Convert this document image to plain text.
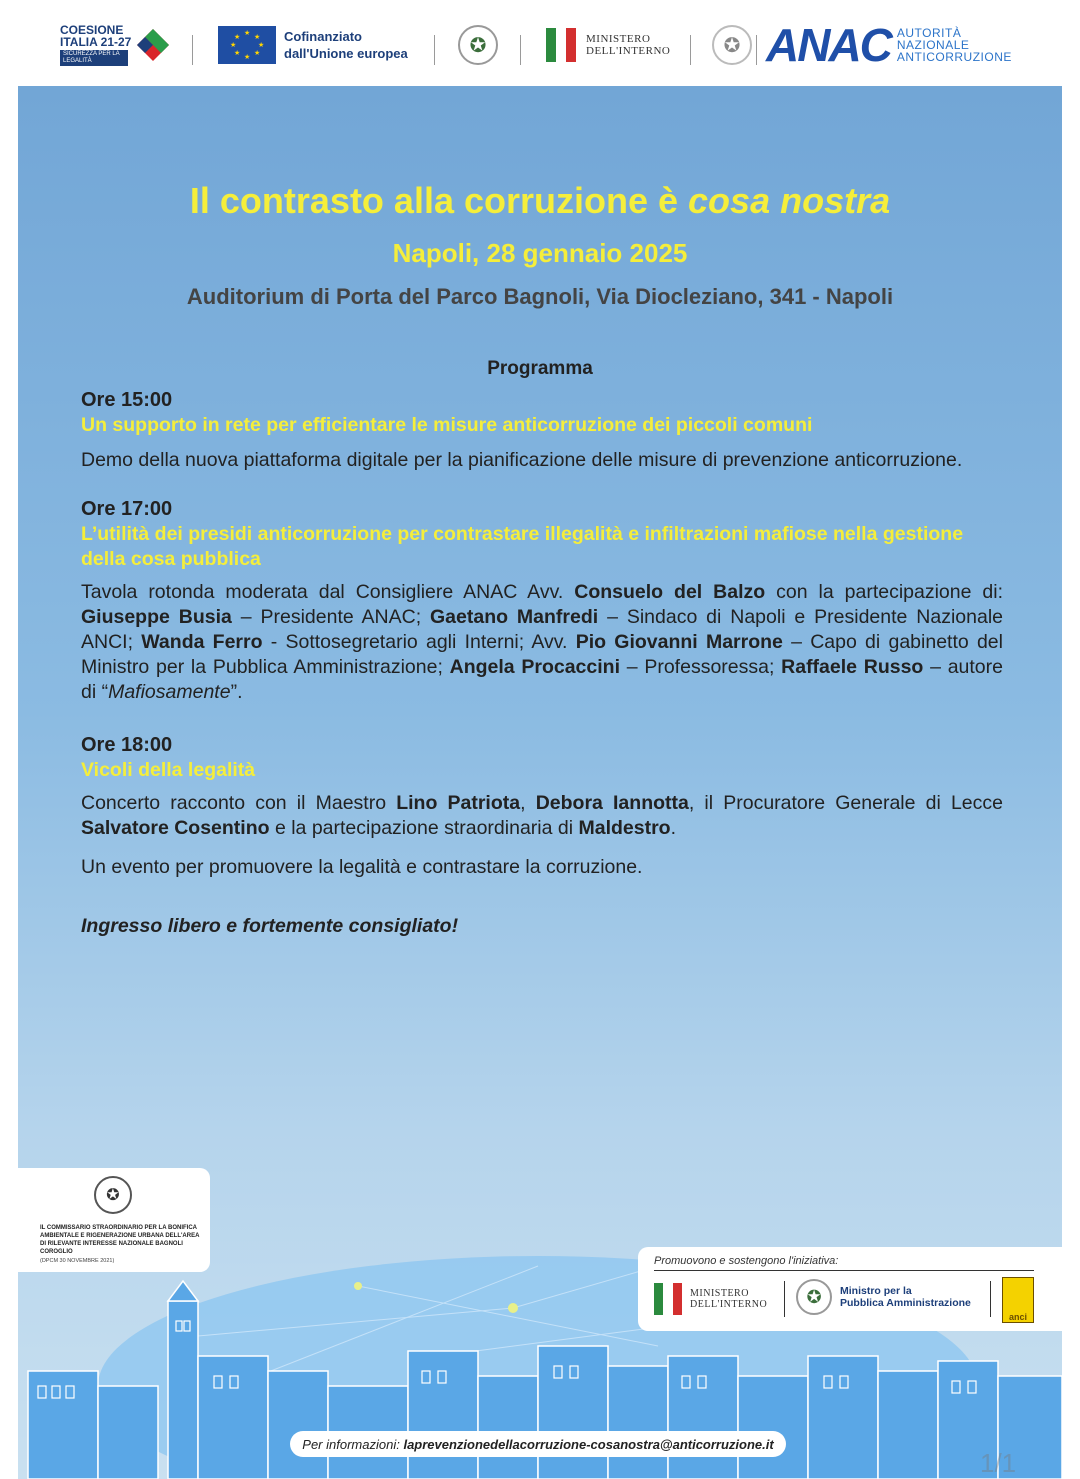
COESIONE
ITALIA 21-27
SICUREZZA PER LA LEGALITÀ
★
★
★
★
★
★
★
★	Cofinanziato
dall'Unione europea	✪	MINISTERO
DELL'INTERNO	✪ ANAC AUTORITÀ
NAZIONALE
ANTICORRUZIONE
Il contrasto alla corruzione è cosa nostra
Napoli, 28 gennaio 2025
Auditorium di Porta del Parco Bagnoli, Via Diocleziano, 341 - Napoli
Programma
Ore 15:00
Un supporto in rete per efficientare le misure anticorruzione dei piccoli comuni
Demo della nuova piattaforma digitale per la pianificazione delle misure di prevenzione anticorruzione.
Ore 17:00
L’utilità dei presidi anticorruzione per contrastare illegalità e infiltrazioni mafiose nella gestione della cosa pubblica
Tavola rotonda moderata dal Consigliere ANAC Avv. Consuelo del Balzo con la partecipazione di: Giuseppe Busia – Presidente ANAC; Gaetano Manfredi – Sindaco di Napoli e Presidente Nazionale ANCI; Wanda Ferro - Sottosegretario agli Interni; Avv. Pio Giovanni Marrone – Capo di gabinetto del Ministro per la Pubblica Amministrazione; Angela Procaccini – Professoressa; Raffaele Russo – autore di “Mafiosamente”.
Ore 18:00
Vicoli della legalità
Concerto racconto con il Maestro Lino Patriota, Debora Iannotta, il Procuratore Generale di Lecce Salvatore Cosentino e la partecipazione straordinaria di Maldestro.
Un evento per promuovere la legalità e contrastare la corruzione.
Ingresso libero e fortemente consigliato!
✪
IL COMMISSARIO STRAORDINARIO PER LA BONIFICA AMBIENTALE E RIGENERAZIONE URBANA DELL'AREA DI RILEVANTE INTERESSE NAZIONALE BAGNOLI COROGLIO
(DPCM 30 NOVEMBRE 2021)	Promuovono e sostengono l'iniziativa:
MINISTERO
DELL'INTERNO	✪	Ministro per la
Pubblica Amministrazione
anci
Per informazioni:
laprevenzionedellacorruzione-cosanostra@anticorruzione.it
1/1
